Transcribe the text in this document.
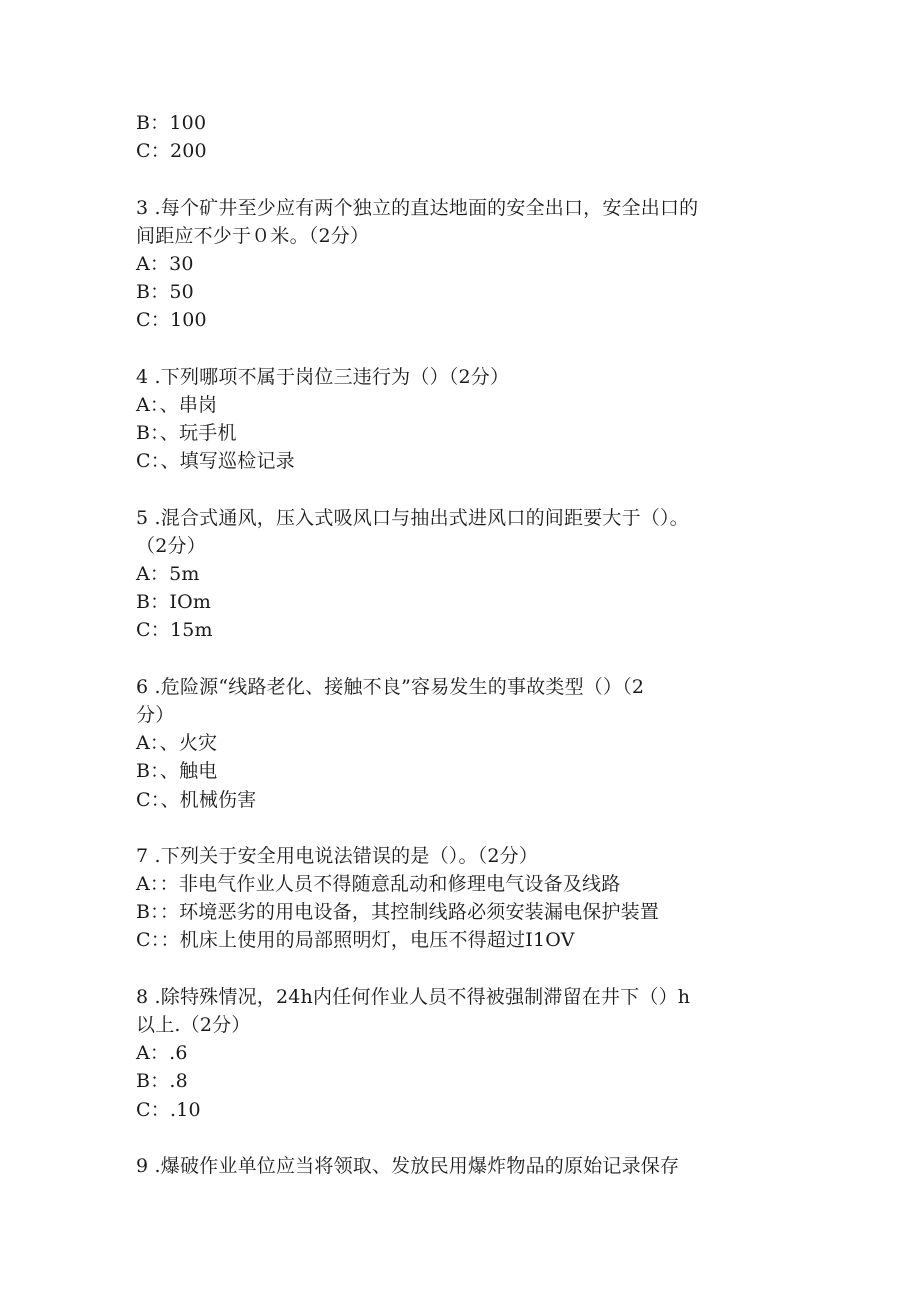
B：100
C：200
3 .每个矿井至少应有两个独立的直达地面的安全出口，安全出口的
间距应不少于０米。（2分）
A：30
B：50
C：100
4 .下列哪项不属于岗位三违行为（）（2分）
A：、串岗
B：、玩手机
C：、填写巡检记录
5 .混合式通风，压入式吸风口与抽出式进风口的间距要大于（）。
（2分）
A：5m
B：IOm
C：15m
6 .危险源“线路老化、接触不良”容易发生的事故类型（）（2
分）
A：、火灾
B：、触电
C：、机械伤害
7 .下列关于安全用电说法错误的是（）。（2分）
A：：非电气作业人员不得随意乱动和修理电气设备及线路
B：：环境恶劣的用电设备，其控制线路必须安装漏电保护装置
C：：机床上使用的局部照明灯，电压不得超过I1OV
8 .除特殊情况，24h内任何作业人员不得被强制滞留在井下（）h
以上.（2分）
A：.6
B：.8
C：.10
9 .爆破作业单位应当将领取、发放民用爆炸物品的原始记录保存
